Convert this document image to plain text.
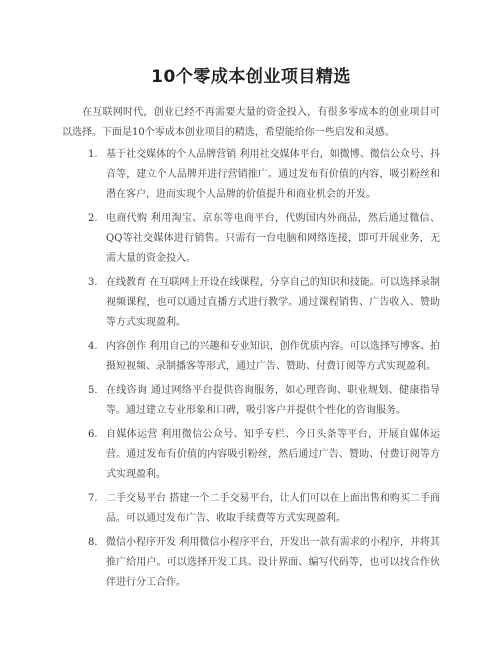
10个零成本创业项目精选

在互联网时代，创业已经不再需要大量的资金投入，有很多零成本的创业项目可以选择。下面是10个零成本创业项目的精选，希望能给你一些启发和灵感。

1. 基于社交媒体的个人品牌营销 利用社交媒体平台，如微博、微信公众号、抖音等，建立个人品牌并进行营销推广。通过发布有价值的内容，吸引粉丝和潜在客户，进而实现个人品牌的价值提升和商业机会的开发。
2. 电商代购 利用淘宝、京东等电商平台，代购国内外商品，然后通过微信、QQ等社交媒体进行销售。只需有一台电脑和网络连接，即可开展业务，无需大量的资金投入。
3. 在线教育 在互联网上开设在线课程，分享自己的知识和技能。可以选择录制视频课程，也可以通过直播方式进行教学。通过课程销售、广告收入、赞助等方式实现盈利。
4. 内容创作 利用自己的兴趣和专业知识，创作优质内容。可以选择写博客、拍摄短视频、录制播客等形式，通过广告、赞助、付费订阅等方式实现盈利。
5. 在线咨询 通过网络平台提供咨询服务，如心理咨询、职业规划、健康指导等。通过建立专业形象和口碑，吸引客户并提供个性化的咨询服务。
6. 自媒体运营 利用微信公众号、知乎专栏、今日头条等平台，开展自媒体运营。通过发布有价值的内容吸引粉丝，然后通过广告、赞助、付费订阅等方式实现盈利。
7. 二手交易平台 搭建一个二手交易平台，让人们可以在上面出售和购买二手商品。可以通过发布广告、收取手续费等方式实现盈利。
8. 微信小程序开发 利用微信小程序平台，开发出一款有需求的小程序，并将其推广给用户。可以选择开发工具、设计界面、编写代码等，也可以找合作伙伴进行分工合作。
